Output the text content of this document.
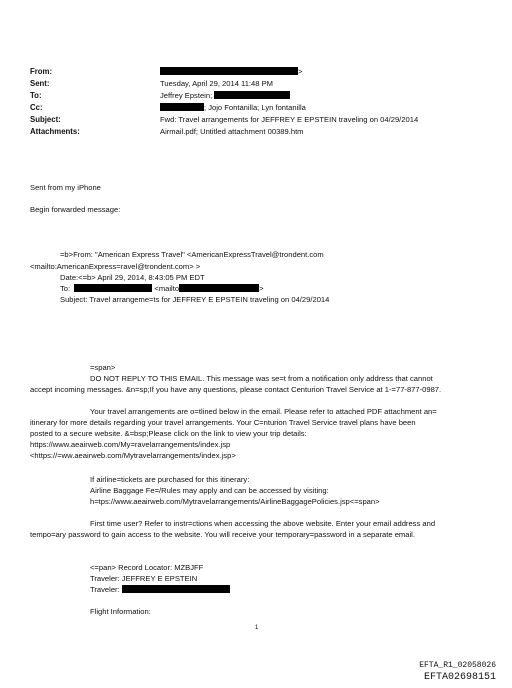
From:	>
Sent:	Tuesday, April 29, 2014 11:48 PM
To:	Jeffrey Epstein;
Cc:	; Jojo Fontanilla; Lyn fontanilla
Subject:	Fwd: Travel arrangements for JEFFREY E EPSTEIN traveling on 04/29/2014
Attachments:	Airmail.pdf; Untitled attachment 00389.htm
Sent from my iPhone
Begin forwarded message:
=b>From: "American Express Travel" <AmericanExpressTravel@trondent.com
<mailto:AmericanExpress=ravel@trondent.com> >
Date:<=b> April 29, 2014, 8:43:05 PM EDT
To:	<mailto	>
Subject: Travel arrangeme=ts for JEFFREY E EPSTEIN traveling on 04/29/2014
=span>
DO NOT REPLY TO THIS EMAIL. This message was se=t from a notification only address that cannot
accept incoming messages. &n=sp;If you have any questions, please contact Centurion Travel Service at 1-=77-877-0987.
Your travel arrangements are o=tlined below in the email. Please refer to attached PDF attachment an=
itinerary for more details regarding your travel arrangements. Your C=nturion Travel Service travel plans have been
posted to a secure website. &=bsp;Please click on the link to view your trip details:
https://www.aeairweb.com/My=ravelarrangements/index.jsp
<https://=ww.aeairweb.com/Mytravelarrangements/index.jsp>
If airline=tickets are purchased for this itinerary:
Airline Baggage Fe=/Rules may apply and can be accessed by visiting:
h=tps://www.aeairweb.com/Mytravelarrangements/AirlineBaggagePolicies.jsp<=span>
First time user? Refer to instr=ctions when accessing the above website. Enter your email address and
tempo=ary password to gain access to the website. You will receive your temporary=password in a separate email.
<=pan> Record Locator: MZBJFF
Traveler: JEFFREY E EPSTEIN
Traveler:
Flight Information:
1
EFTA_R1_02058026
EFTA02698151
